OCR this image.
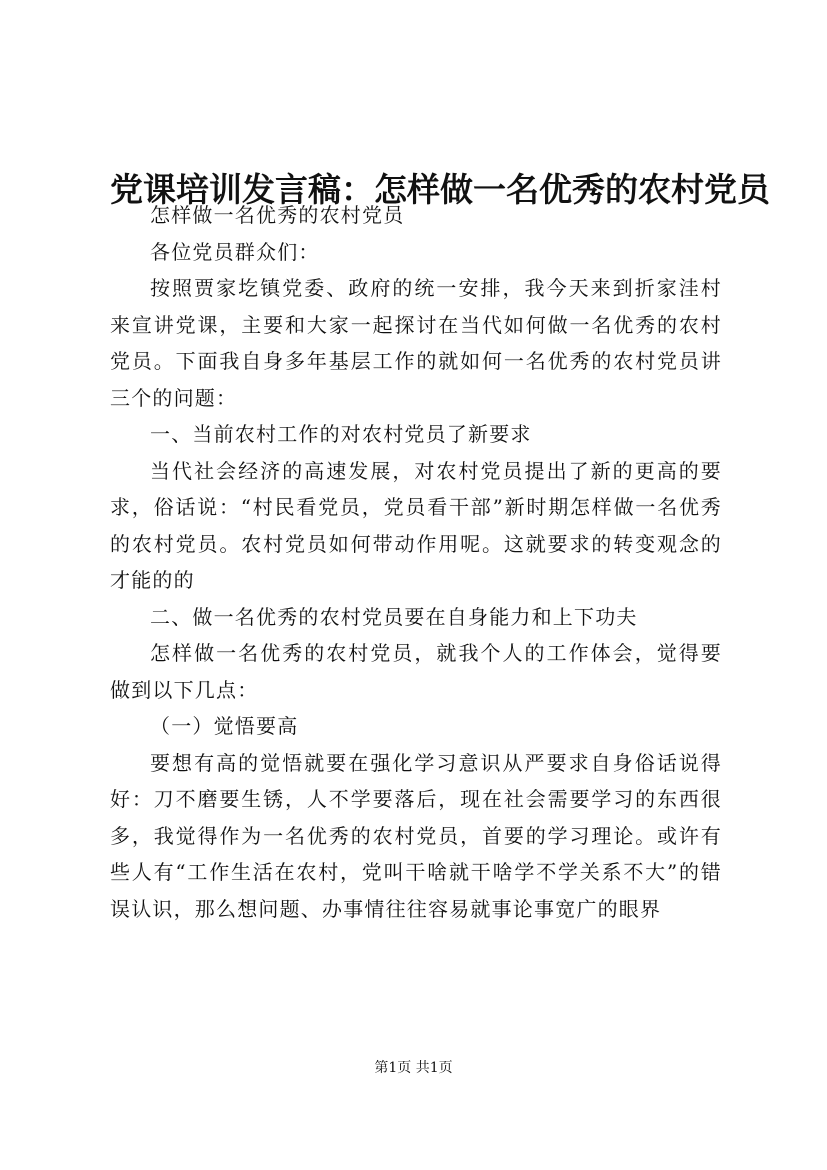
党课培训发言稿：怎样做一名优秀的农村党员

怎样做一名优秀的农村党员

各位党员群众们：

按照贾家圪镇党委、政府的统一安排，我今天来到折家洼村来宣讲党课，主要和大家一起探讨在当代如何做一名优秀的农村党员。下面我自身多年基层工作的就如何一名优秀的农村党员讲三个的问题：

一、当前农村工作的对农村党员了新要求

当代社会经济的高速发展，对农村党员提出了新的更高的要求，俗话说：“村民看党员，党员看干部”新时期怎样做一名优秀的农村党员。农村党员如何带动作用呢。这就要求的转变观念的才能的的

二、做一名优秀的农村党员要在自身能力和上下功夫

怎样做一名优秀的农村党员，就我个人的工作体会，觉得要做到以下几点：

（一）觉悟要高

要想有高的觉悟就要在强化学习意识从严要求自身俗话说得好：刀不磨要生锈，人不学要落后，现在社会需要学习的东西很多，我觉得作为一名优秀的农村党员，首要的学习理论。或许有些人有“工作生活在农村，党叫干啥就干啥学不学关系不大”的错误认识，那么想问题、办事情往往容易就事论事宽广的眼界

第1页 共1页
